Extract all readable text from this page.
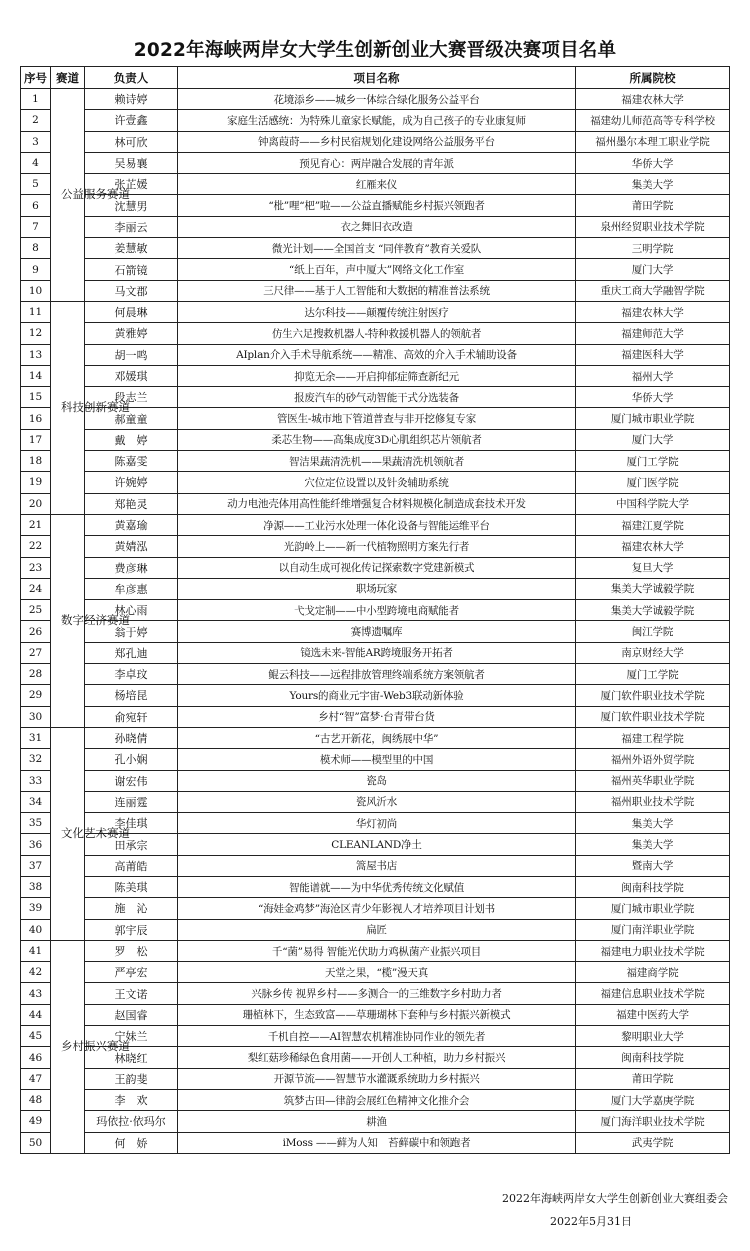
2022年海峡两岸女大学生创新创业大赛晋级决赛项目名单
序号	赛道	负责人	项目名称	所属院校
1	公益服务赛道	赖诗婷	花境添乡——城乡一体综合绿化服务公益平台	福建农林大学
2		许壹鑫	家庭生活感统：为特殊儿童家长赋能，成为自己孩子的专业康复师	福建幼儿师范高等专科学校
3		林可欣	钟离葭莳——乡村民宿规划化建设网络公益服务平台	福州墨尔本理工职业学院
4		吴易襄	预见育心：两岸融合发展的青年派	华侨大学
5		张芷媛	红雁来仪	集美大学
6		沈慧男	“枇”哩“杷”啦——公益直播赋能乡村振兴领跑者	莆田学院
7		李丽云	衣之舞旧衣改造	泉州经贸职业技术学院
8		姜慧敏	微光计划——全国首支 “同伴教育”教育关爱队	三明学院
9		石箭镜	“纸上百年，声中厦大”网络文化工作室	厦门大学
10		马文郡	三尺律——基于人工智能和大数据的精准普法系统	重庆工商大学融智学院
11	科技创新赛道	何晨琳	达尔科技——颠覆传统注射医疗	福建农林大学
12		黄雅婷	仿生六足搜救机器人-特种救援机器人的领航者	福建师范大学
13		胡一鸣	AIplan介入手术导航系统——精准、高效的介入手术辅助设备	福建医科大学
14		邓媛琪	抑览无余——开启抑郁症筛查新纪元	福州大学
15		段志兰	报废汽车的砂气动智能干式分选装备	华侨大学
16		郝童童	管医生-城市地下管道普查与非开挖修复专家	厦门城市职业学院
17		戴　婷	柔芯生物——高集成度3D心肌组织芯片领航者	厦门大学
18		陈嘉雯	智洁果蔬清洗机——果蔬清洗机领航者	厦门工学院
19		许婉婷	穴位定位设置以及针灸辅助系统	厦门医学院
20		郑艳灵	动力电池壳体用高性能纤维增强复合材料规模化制造成套技术开发	中国科学院大学
21	数字经济赛道	黄嘉瑜	净源——工业污水处理一体化设备与智能运维平台	福建江夏学院
22		黄婧泓	光韵岭上——新一代植物照明方案先行者	福建农林大学
23		费彦琳	以自动生成可视化传记探索数字党建新模式	复旦大学
24		牟彦惠	职场玩家	集美大学诚毅学院
25		林心雨	弋戈定制——中小型跨境电商赋能者	集美大学诚毅学院
26		翁于婷	赛博遗嘱库	闽江学院
27		郑孔迪	镜选未来-智能AR跨境服务开拓者	南京财经大学
28		李卓玟	鲲云科技——远程排放管理终端系统方案领航者	厦门工学院
29		杨培昆	Yours的商业元宇宙-Web3联动新体验	厦门软件职业技术学院
30		俞宛轩	乡村“智”富梦·台青带台货	厦门软件职业技术学院
31	文化艺术赛道	孙晓倩	“古艺开新花，闽绣展中华”	福建工程学院
32		孔小娴	模术师——模型里的中国	福州外语外贸学院
33		谢宏伟	瓷岛	福州英华职业学院
34		连丽霆	瓷风沂水	福州职业技术学院
35		李佳琪	华灯初尚	集美大学
36		田承宗	CLEANLAND净土	集美大学
37		高莆皓	篙屋书店	暨南大学
38		陈美琪	智能谱就——为中华优秀传统文化赋值	闽南科技学院
39		施　沁	“海娃金鸡梦”海沧区青少年影视人才培养项目计划书	厦门城市职业学院
40		郭宇辰	扁匠	厦门南洋职业学院
41	乡村振兴赛道	罗　松	千“菌”易得 智能光伏助力鸡枞菌产业振兴项目	福建电力职业技术学院
42		严亭宏	天堂之果，“榄”漫天真	福建商学院
43		王文诺	兴脉乡传 视界乡村——多测合一的三维数字乡村助力者	福建信息职业技术学院
44		赵国睿	珊植林下，生态致富——草珊瑚林下套种与乡村振兴新模式	福建中医药大学
45		宁妹兰	千机自控——AI智慧农机精准协同作业的领先者	黎明职业大学
46		林晓红	梨红菇珍稀绿色食用菌——开创人工种植，助力乡村振兴	闽南科技学院
47		王韵斐	开源节流——智慧节水灌溉系统助力乡村振兴	莆田学院
48		李　欢	筑梦古田—律韵会展红色精神文化推介会	厦门大学嘉庚学院
49		玛依拉·依玛尔	耕渔	厦门海洋职业技术学院
50		何　娇	iMoss ——藓为人知　苔藓碳中和领跑者	武夷学院
2022年海峡两岸女大学生创新创业大赛组委会
2022年5月31日
